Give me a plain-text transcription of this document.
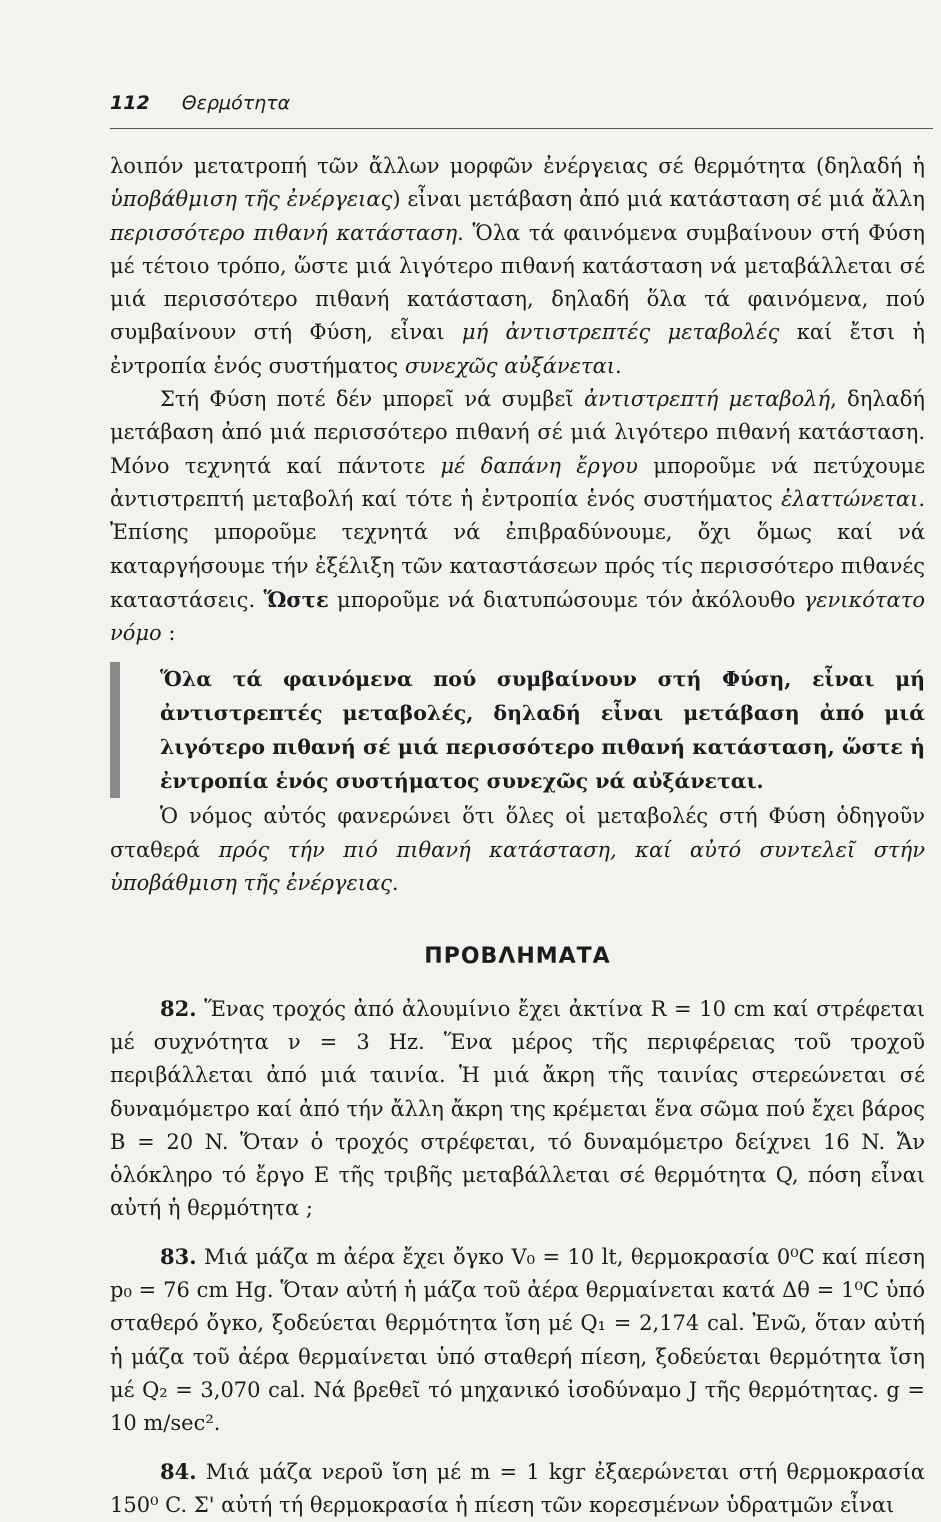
112 Θερμότητα

λοιπόν μετατροπή τῶν ἄλλων μορφῶν ἐνέργειας σέ θερμότητα (δηλαδή ἡ ὑποβάθμιση τῆς ἐνέργειας) εἶναι μετάβαση ἀπό μιά κατάσταση σέ μιά ἄλλη περισσότερο πιθανή κατάσταση. Ὅλα τά φαινόμενα συμβαίνουν στή Φύση μέ τέτοιο τρόπο, ὥστε μιά λιγότερο πιθανή κατάσταση νά μεταβάλλεται σέ μιά περισσότερο πιθανή κατάσταση, δηλαδή ὅλα τά φαινόμενα, πού συμβαίνουν στή Φύση, εἶναι μή ἀντιστρεπτές μεταβολές καί ἔτσι ἡ ἐντροπία ἑνός συστήματος συνεχῶς αὐξάνεται.

Στή Φύση ποτέ δέν μπορεῖ νά συμβεῖ ἀντιστρεπτή μεταβολή, δηλαδή μετάβαση ἀπό μιά περισσότερο πιθανή σέ μιά λιγότερο πιθανή κατάσταση. Μόνο τεχνητά καί πάντοτε μέ δαπάνη ἔργου μποροῦμε νά πετύχουμε ἀντιστρεπτή μεταβολή καί τότε ἡ ἐντροπία ἑνός συστήματος ἐλαττώνεται. Ἐπίσης μποροῦμε τεχνητά νά ἐπιβραδύνουμε, ὄχι ὅμως καί νά καταργήσουμε τήν ἐξέλιξη τῶν καταστάσεων πρός τίς περισσότερο πιθανές καταστάσεις. Ὥστε μποροῦμε νά διατυπώσουμε τόν ἀκόλουθο γενικότατο νόμο :

Ὅλα τά φαινόμενα πού συμβαίνουν στή Φύση, εἶναι μή ἀντιστρεπτές μεταβολές, δηλαδή εἶναι μετάβαση ἀπό μιά λιγότερο πιθανή σέ μιά περισσότερο πιθανή κατάσταση, ὥστε ἡ ἐντροπία ἑνός συστήματος συνεχῶς νά αὐξάνεται.

Ὁ νόμος αὐτός φανερώνει ὅτι ὅλες οἱ μεταβολές στή Φύση ὁδηγοῦν σταθερά πρός τήν πιό πιθανή κατάσταση, καί αὐτό συντελεῖ στήν ὑποβάθμιση τῆς ἐνέργειας.

ΠΡΟΒΛΗΜΑΤΑ

82. Ἕνας τροχός ἀπό ἀλουμίνιο ἔχει ἀκτίνα R = 10 cm καί στρέφεται μέ συχνότητα ν = 3 Hz. Ἕνα μέρος τῆς περιφέρειας τοῦ τροχοῦ περιβάλλεται ἀπό μιά ταινία. Ἡ μιά ἄκρη τῆς ταινίας στερεώνεται σέ δυναμόμετρο καί ἀπό τήν ἄλλη ἄκρη της κρέμεται ἕνα σῶμα πού ἔχει βάρος B = 20 N. Ὅταν ὁ τροχός στρέφεται, τό δυναμόμετρο δείχνει 16 N. Ἄν ὁλόκληρο τό ἔργο E τῆς τριβῆς μεταβάλλεται σέ θερμότητα Q, πόση εἶναι αὐτή ἡ θερμότητα ;

83. Μιά μάζα m ἀέρα ἔχει ὄγκο V₀ = 10 lt, θερμοκρασία 0⁰C καί πίεση p₀ = 76 cm Hg. Ὅταν αὐτή ἡ μάζα τοῦ ἀέρα θερμαίνεται κατά Δθ = 1⁰C ὑπό σταθερό ὄγκο, ξοδεύεται θερμότητα ἴση μέ Q₁ = 2,174 cal. Ἐνῶ, ὅταν αὐτή ἡ μάζα τοῦ ἀέρα θερμαίνεται ὑπό σταθερή πίεση, ξοδεύεται θερμότητα ἴση μέ Q₂ = 3,070 cal. Νά βρεθεῖ τό μηχανικό ἰσοδύναμο J τῆς θερμότητας. g = 10 m/sec².

84. Μιά μάζα νεροῦ ἴση μέ m = 1 kgr ἐξαερώνεται στή θερμοκρασία 150⁰ C. Σ' αὐτή τή θερμοκρασία ἡ πίεση τῶν κορεσμένων ὑδρατμῶν εἶναι
